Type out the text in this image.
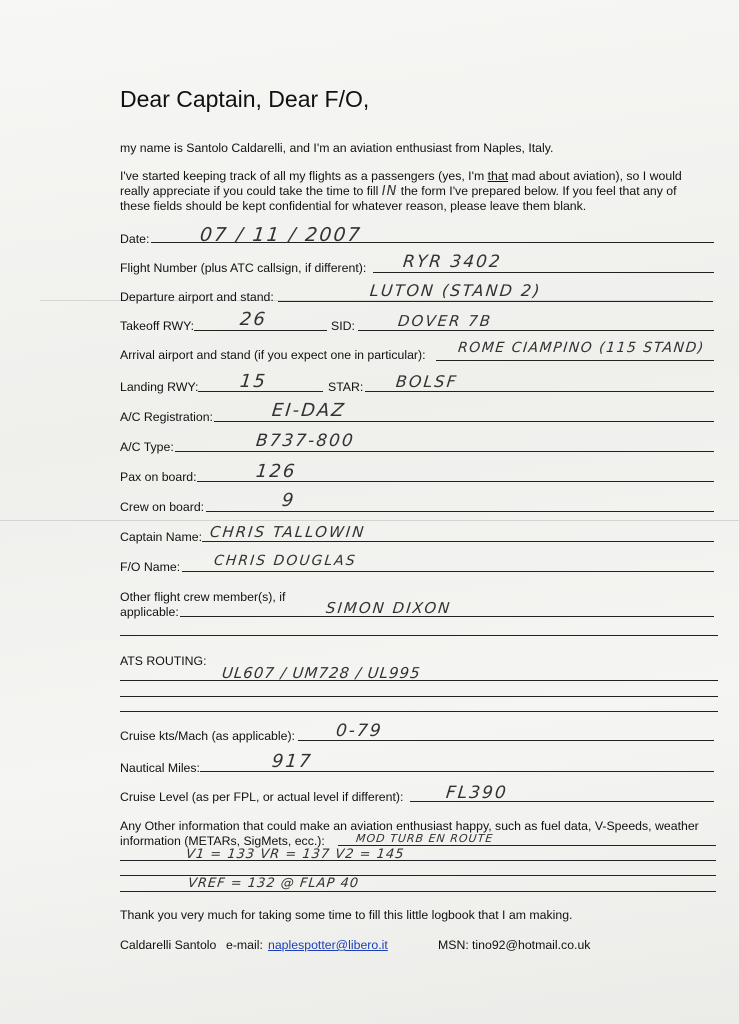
Dear Captain, Dear F/O,
my name is Santolo Caldarelli, and I'm an aviation enthusiast from Naples, Italy.
I've started keeping track of all my flights as a passengers (yes, I'm that mad about aviation), so I would really appreciate if you could take the time to fill IN the form I've prepared below. If you feel that any of these fields should be kept confidential for whatever reason, please leave them blank.
Date:	07 / 11 / 2007
Flight Number (plus ATC callsign, if different): RYR 3402
Departure airport and stand:	LUTON (STAND 2)
Takeoff RWY: 26	SID:	DOVER 7B
Arrival airport and stand (if you expect one in particular): ROME CIAMPINO (115 STAND)
Landing RWY: 15	STAR: BOLSF
A/C Registration:	EI-DAZ
A/C Type:	B737-800
Pax on board:	126
Crew on board:	9
Captain Name: CHRIS TALLOWIN
F/O Name: CHRIS DOUGLAS
Other flight crew member(s), if
applicable:	SIMON DIXON
ATS ROUTING:
UL607 / UM728 / UL995
Cruise kts/Mach (as applicable): 0-79
Nautical Miles:	917
Cruise Level (as per FPL, or actual level if different): FL390
Any Other information that could make an aviation enthusiast happy, such as fuel data, V-Speeds, weather
information (METARs, SigMets, ecc.):	MOD TURB EN ROUTE
V1 = 133 VR = 137 V2 = 145
VREF = 132 @ FLAP 40
Thank you very much for taking some time to fill this little logbook that I am making.
Caldarelli Santolo e-mail: naplespotter@libero.it	MSN: tino92@hotmail.co.uk
